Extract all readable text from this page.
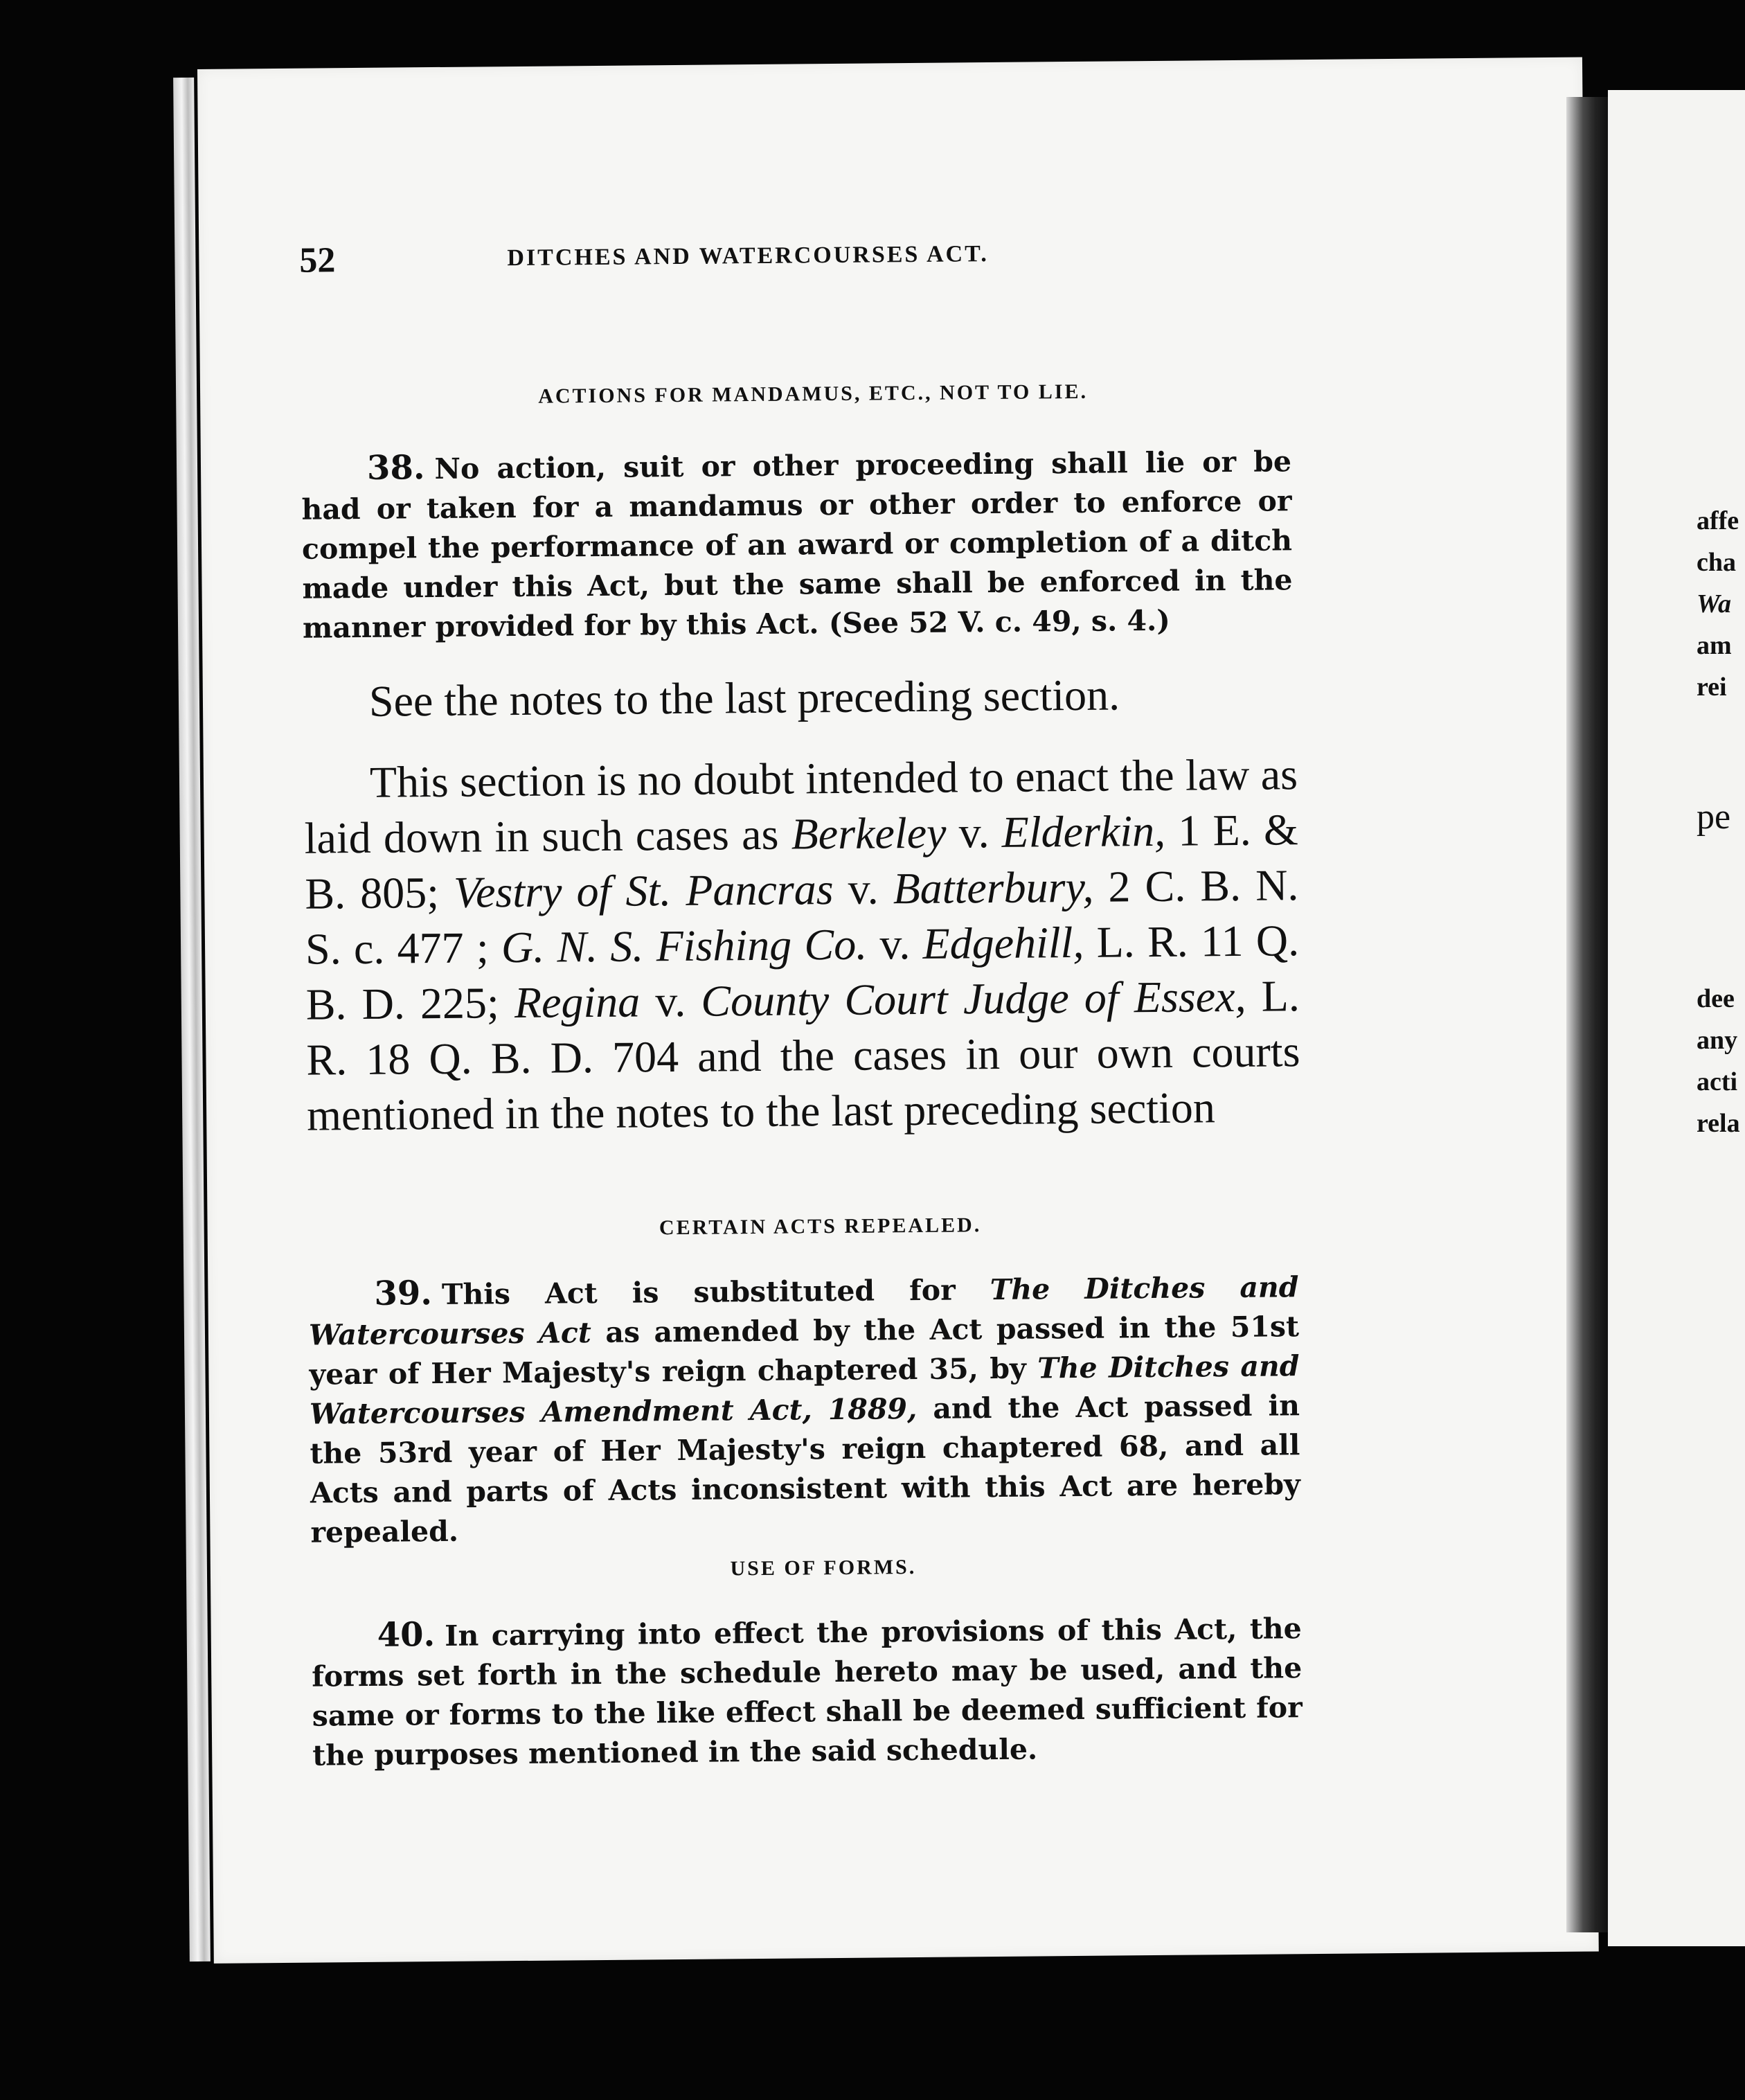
52	DITCHES AND WATERCOURSES ACT.
ACTIONS FOR MANDAMUS, ETC., NOT TO LIE.
38. No action, suit or other proceeding shall lie or be had or taken for a mandamus or other order to enforce or compel the performance of an award or completion of a ditch made under this Act, but the same shall be enforced in the manner provided for by this Act. (See 52 V. c. 49, s. 4.)

See the notes to the last preceding section.

This section is no doubt intended to enact the law as laid down in such cases as Berkeley v. Elderkin, 1 E. & B. 805; Vestry of St. Pancras v. Batterbury, 2 C. B. N. S. c. 477 ; G. N. S. Fishing Co. v. Edgehill, L. R. 11 Q. B. D. 225; Regina v. County Court Judge of Essex, L. R. 18 Q. B. D. 704 and the cases in our own courts mentioned in the notes to the last preceding section

CERTAIN ACTS REPEALED.
39. This Act is substituted for The Ditches and Watercourses Act as amended by the Act passed in the 51st year of Her Majesty's reign chaptered 35, by The Ditches and Watercourses Amendment Act, 1889, and the Act passed in the 53rd year of Her Majesty's reign chaptered 68, and all Acts and parts of Acts inconsistent with this Act are hereby repealed.
USE OF FORMS.
40. In carrying into effect the provisions of this Act, the forms set forth in the schedule hereto may be used, and the same or forms to the like effect shall be deemed sufficient for the purposes mentioned in the said schedule.
affe
cha
Wa
am
rei
pe
dee
any
acti
rela
